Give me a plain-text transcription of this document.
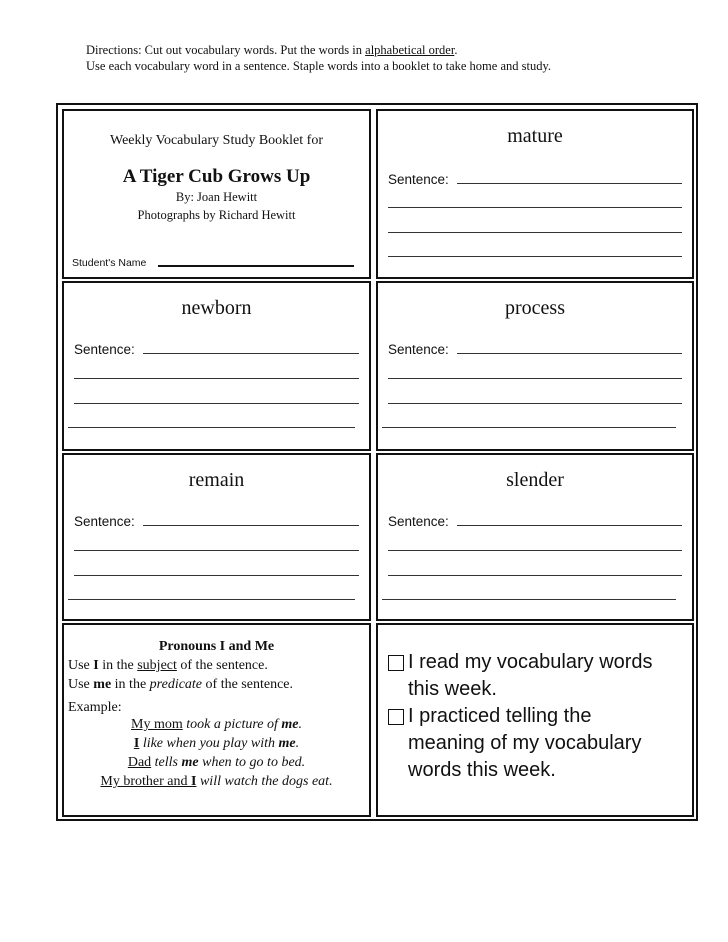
Directions: Cut out vocabulary words. Put the words in alphabetical order.
Use each vocabulary word in a sentence. Staple words into a booklet to take home and study.
Weekly Vocabulary Study Booklet for
A Tiger Cub Grows Up
By: Joan Hewitt
Photographs by Richard Hewitt
Student's Name
mature
Sentence:
newborn
Sentence:
process
Sentence:
remain
Sentence:
slender
Sentence:
Pronouns I and Me
Use I in the subject of the sentence.
Use me in the predicate of the sentence.
Example:
My mom took a picture of me.
I like when you play with me.
Dad tells me when to go to bed.
My brother and I will watch the dogs eat.
I read my vocabulary words
this week.
I practiced telling the
meaning of my vocabulary
words this week.
